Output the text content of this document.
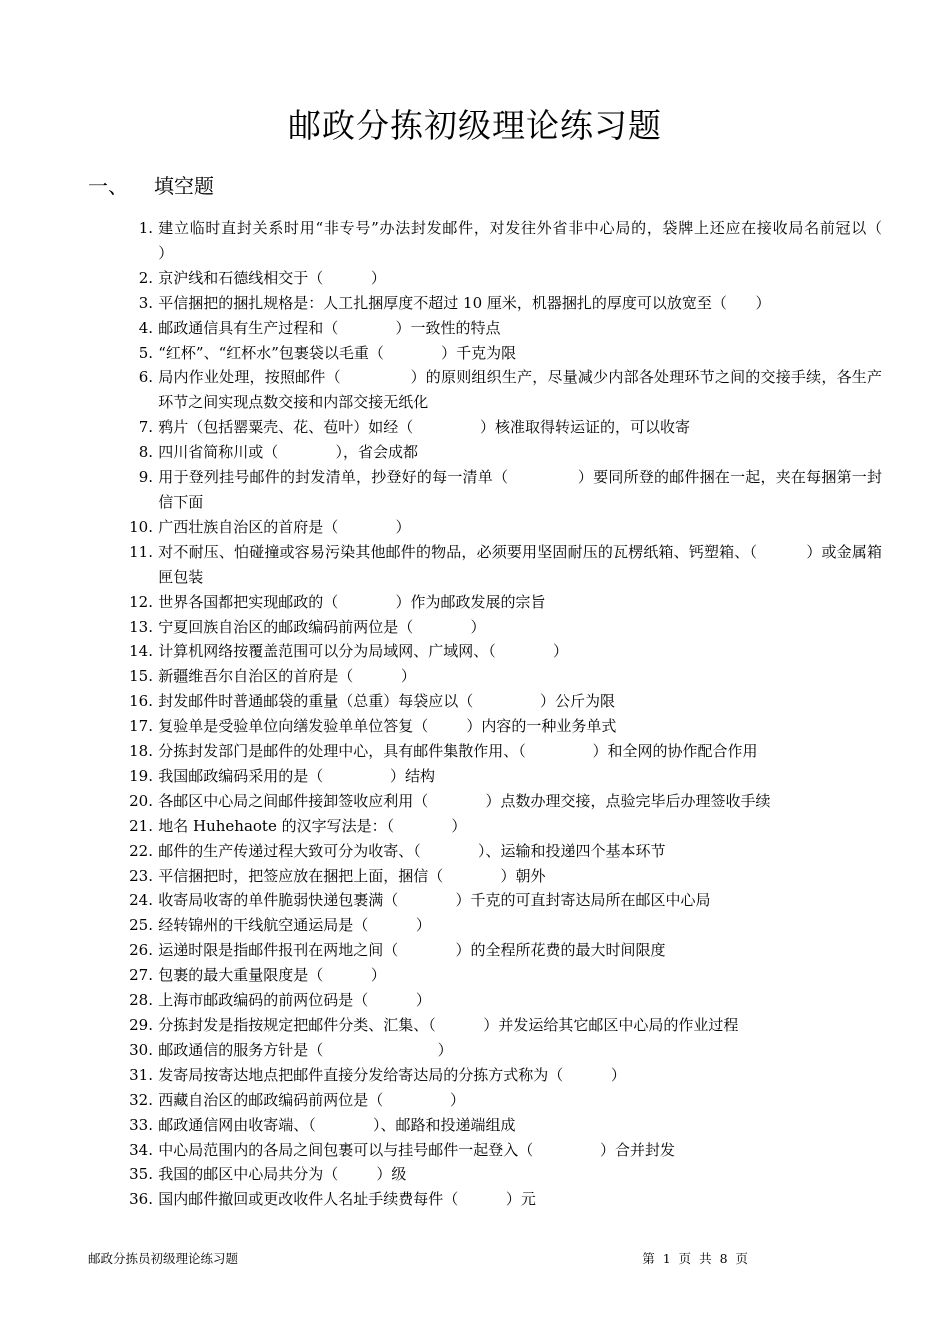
邮政分拣初级理论练习题
一、	填空题
1. 建立临时直封关系时用“非专号”办法封发邮件，对发往外省非中心局的，袋牌上还应在接收局名前冠以（            ）
2. 京沪线和石德线相交于（          ）
3. 平信捆把的捆扎规格是：人工扎捆厚度不超过 10 厘米，机器捆扎的厚度可以放宽至（      ）
4. 邮政通信具有生产过程和（            ）一致性的特点
5. “红杯”、“红杯水”包裹袋以毛重（            ）千克为限
6. 局内作业处理，按照邮件（              ）的原则组织生产，尽量减少内部各处理环节之间的交接手续，各生产环节之间实现点数交接和内部交接无纸化
7. 鸦片（包括罂粟壳、花、苞叶）如经（              ）核准取得转运证的，可以收寄
8. 四川省简称川或（            ），省会成都
9. 用于登列挂号邮件的封发清单，抄登好的每一清单（              ）要同所登的邮件捆在一起，夹在每捆第一封信下面
10. 广西壮族自治区的首府是（            ）
11. 对不耐压、怕碰撞或容易污染其他邮件的物品，必须要用坚固耐压的瓦楞纸箱、钙塑箱、（          ）或金属箱匣包装
12. 世界各国都把实现邮政的（            ）作为邮政发展的宗旨
13. 宁夏回族自治区的邮政编码前两位是（            ）
14. 计算机网络按覆盖范围可以分为局域网、广域网、（            ）
15. 新疆维吾尔自治区的首府是（          ）
16. 封发邮件时普通邮袋的重量（总重）每袋应以（              ）公斤为限
17. 复验单是受验单位向缮发验单单位答复（        ）内容的一种业务单式
18. 分拣封发部门是邮件的处理中心，具有邮件集散作用、（              ）和全网的协作配合作用
19. 我国邮政编码采用的是（              ）结构
20. 各邮区中心局之间邮件接卸签收应利用（            ）点数办理交接，点验完毕后办理签收手续
21. 地名 Huhehaote 的汉字写法是：（            ）
22. 邮件的生产传递过程大致可分为收寄、（            ）、运输和投递四个基本环节
23. 平信捆把时，把签应放在捆把上面，捆信（            ）朝外
24. 收寄局收寄的单件脆弱快递包裹满（            ）千克的可直封寄达局所在邮区中心局
25. 经转锦州的干线航空通运局是（          ）
26. 运递时限是指邮件报刊在两地之间（            ）的全程所花费的最大时间限度
27. 包裹的最大重量限度是（          ）
28. 上海市邮政编码的前两位码是（          ）
29. 分拣封发是指按规定把邮件分类、汇集、（          ）并发运给其它邮区中心局的作业过程
30. 邮政通信的服务方针是（                        ）
31. 发寄局按寄达地点把邮件直接分发给寄达局的分拣方式称为（          ）
32. 西藏自治区的邮政编码前两位是（              ）
33. 邮政通信网由收寄端、（            ）、邮路和投递端组成
34. 中心局范围内的各局之间包裹可以与挂号邮件一起登入（              ）合并封发
35. 我国的邮区中心局共分为（        ）级
36. 国内邮件撤回或更改收件人名址手续费每件（          ）元
邮政分拣员初级理论练习题	第 1 页 共 8 页
